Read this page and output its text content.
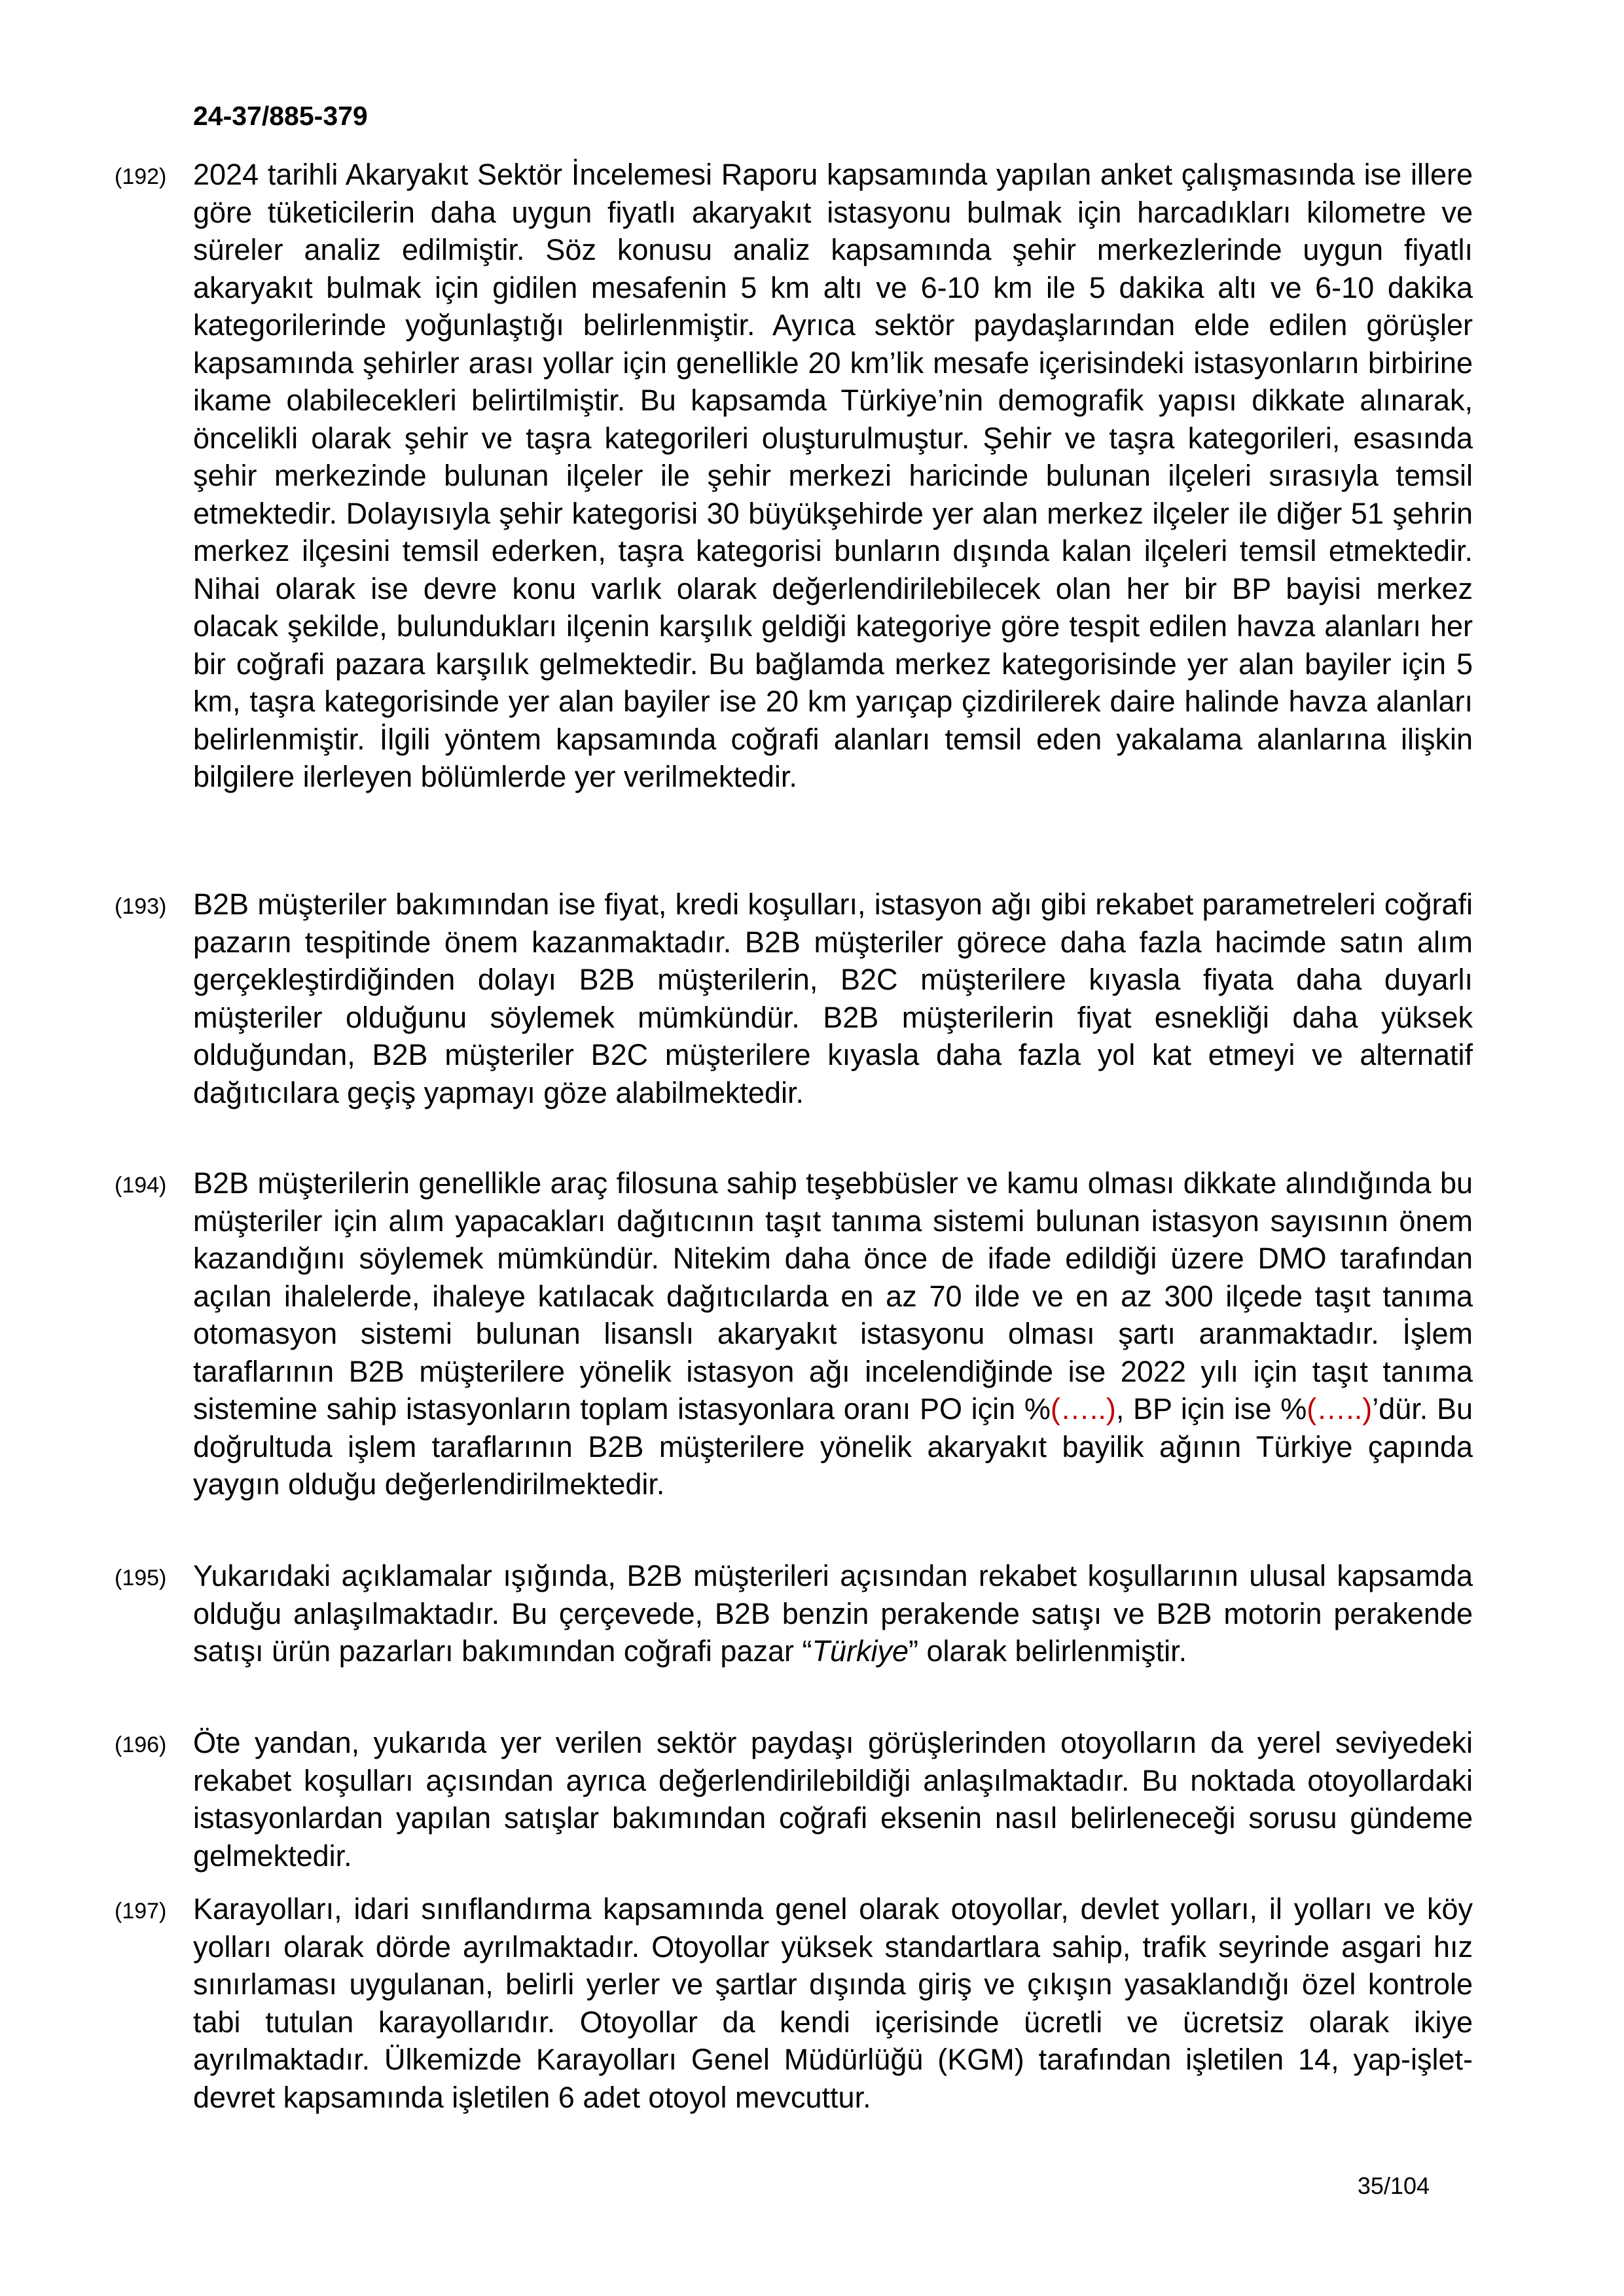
24-37/885-379
(192) 2024 tarihli Akaryakıt Sektör İncelemesi Raporu kapsamında yapılan anket çalışmasında ise illere göre tüketicilerin daha uygun fiyatlı akaryakıt istasyonu bulmak için harcadıkları kilometre ve süreler analiz edilmiştir. Söz konusu analiz kapsamında şehir merkezlerinde uygun fiyatlı akaryakıt bulmak için gidilen mesafenin 5 km altı ve 6-10 km ile 5 dakika altı ve 6-10 dakika kategorilerinde yoğunlaştığı belirlenmiştir. Ayrıca sektör paydaşlarından elde edilen görüşler kapsamında şehirler arası yollar için genellikle 20 km’lik mesafe içerisindeki istasyonların birbirine ikame olabilecekleri belirtilmiştir. Bu kapsamda Türkiye’nin demografik yapısı dikkate alınarak, öncelikli olarak şehir ve taşra kategorileri oluşturulmuştur. Şehir ve taşra kategorileri, esasında şehir merkezinde bulunan ilçeler ile şehir merkezi haricinde bulunan ilçeleri sırasıyla temsil etmektedir. Dolayısıyla şehir kategorisi 30 büyükşehirde yer alan merkez ilçeler ile diğer 51 şehrin merkez ilçesini temsil ederken, taşra kategorisi bunların dışında kalan ilçeleri temsil etmektedir. Nihai olarak ise devre konu varlık olarak değerlendirilebilecek olan her bir BP bayisi merkez olacak şekilde, bulundukları ilçenin karşılık geldiği kategoriye göre tespit edilen havza alanları her bir coğrafi pazara karşılık gelmektedir. Bu bağlamda merkez kategorisinde yer alan bayiler için 5 km, taşra kategorisinde yer alan bayiler ise 20 km yarıçap çizdirilerek daire halinde havza alanları belirlenmiştir. İlgili yöntem kapsamında coğrafi alanları temsil eden yakalama alanlarına ilişkin bilgilere ilerleyen bölümlerde yer verilmektedir.

(193) B2B müşteriler bakımından ise fiyat, kredi koşulları, istasyon ağı gibi rekabet parametreleri coğrafi pazarın tespitinde önem kazanmaktadır. B2B müşteriler görece daha fazla hacimde satın alım gerçekleştirdiğinden dolayı B2B müşterilerin, B2C müşterilere kıyasla fiyata daha duyarlı müşteriler olduğunu söylemek mümkündür. B2B müşterilerin fiyat esnekliği daha yüksek olduğundan, B2B müşteriler B2C müşterilere kıyasla daha fazla yol kat etmeyi ve alternatif dağıtıcılara geçiş yapmayı göze alabilmektedir.

(194) B2B müşterilerin genellikle araç filosuna sahip teşebbüsler ve kamu olması dikkate alındığında bu müşteriler için alım yapacakları dağıtıcının taşıt tanıma sistemi bulunan istasyon sayısının önem kazandığını söylemek mümkündür. Nitekim daha önce de ifade edildiği üzere DMO tarafından açılan ihalelerde, ihaleye katılacak dağıtıcılarda en az 70 ilde ve en az 300 ilçede taşıt tanıma otomasyon sistemi bulunan lisanslı akaryakıt istasyonu olması şartı aranmaktadır. İşlem taraflarının B2B müşterilere yönelik istasyon ağı incelendiğinde ise 2022 yılı için taşıt tanıma sistemine sahip istasyonların toplam istasyonlara oranı PO için %(…..), BP için ise %(…..)’dür. Bu doğrultuda işlem taraflarının B2B müşterilere yönelik akaryakıt bayilik ağının Türkiye çapında yaygın olduğu değerlendirilmektedir.

(195) Yukarıdaki açıklamalar ışığında, B2B müşterileri açısından rekabet koşullarının ulusal kapsamda olduğu anlaşılmaktadır. Bu çerçevede, B2B benzin perakende satışı ve B2B motorin perakende satışı ürün pazarları bakımından coğrafi pazar “Türkiye” olarak belirlenmiştir.

(196) Öte yandan, yukarıda yer verilen sektör paydaşı görüşlerinden otoyolların da yerel seviyedeki rekabet koşulları açısından ayrıca değerlendirilebildiği anlaşılmaktadır. Bu noktada otoyollardaki istasyonlardan yapılan satışlar bakımından coğrafi eksenin nasıl belirleneceği sorusu gündeme gelmektedir.

(197) Karayolları, idari sınıflandırma kapsamında genel olarak otoyollar, devlet yolları, il yolları ve köy yolları olarak dörde ayrılmaktadır. Otoyollar yüksek standartlara sahip, trafik seyrinde asgari hız sınırlaması uygulanan, belirli yerler ve şartlar dışında giriş ve çıkışın yasaklandığı özel kontrole tabi tutulan karayollarıdır. Otoyollar da kendi içerisinde ücretli ve ücretsiz olarak ikiye ayrılmaktadır. Ülkemizde Karayolları Genel Müdürlüğü (KGM) tarafından işletilen 14, yap-işlet-devret kapsamında işletilen 6 adet otoyol mevcuttur.

35/104
